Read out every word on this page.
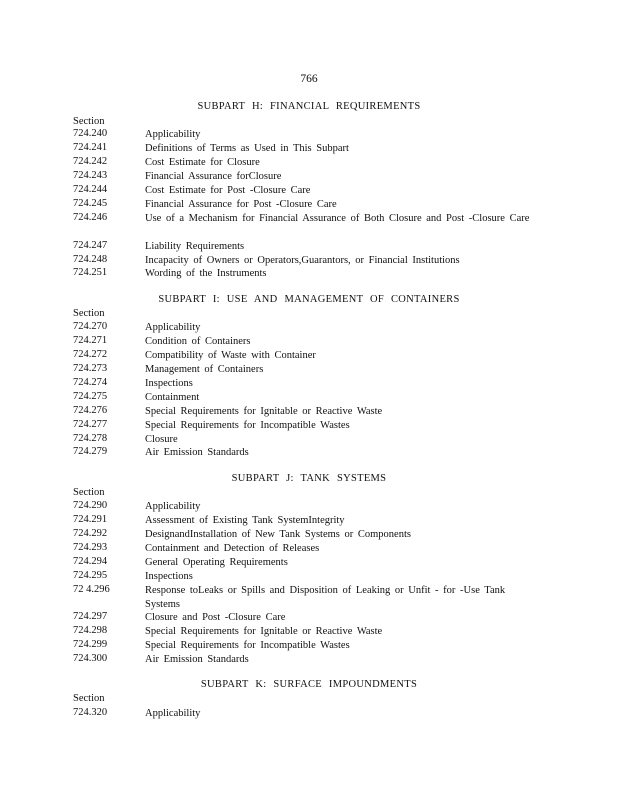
766
SUBPART H: FINANCIAL REQUIREMENTS
Section
724.240	Applicability
724.241	Definitions of Terms as Used in This Subpart
724.242	Cost Estimate for Closure
724.243	Financial Assurance forClosure
724.244	Cost Estimate for Post -Closure Care
724.245	Financial Assurance for Post -Closure Care
724.246	Use of a Mechanism for Financial Assurance of Both Closure and Post -Closure Care
724.247	Liability Requirements
724.248	Incapacity of Owners or Operators,Guarantors, or Financial Institutions
724.251	Wording of the Instruments
SUBPART I: USE AND MANAGEMENT OF CONTAINERS
Section
724.270	Applicability
724.271	Condition of Containers
724.272	Compatibility of Waste with Container
724.273	Management of Containers
724.274	Inspections
724.275	Containment
724.276	Special Requirements for Ignitable or Reactive Waste
724.277	Special Requirements for Incompatible Wastes
724.278	Closure
724.279	Air Emission Standards
SUBPART J: TANK SYSTEMS
Section
724.290	Applicability
724.291	Assessment of Existing Tank SystemIntegrity
724.292	DesignandInstallation of New Tank Systems or Components
724.293	Containment and Detection of Releases
724.294	General Operating Requirements
724.295	Inspections
72 4.296	Response toLeaks or Spills and Disposition of Leaking or Unfit - for -Use Tank Systems
724.297	Closure and Post -Closure Care
724.298	Special Requirements for Ignitable or Reactive Waste
724.299	Special Requirements for Incompatible Wastes
724.300	Air Emission Standards
SUBPART K: SURFACE IMPOUNDMENTS
Section
724.320	Applicability
